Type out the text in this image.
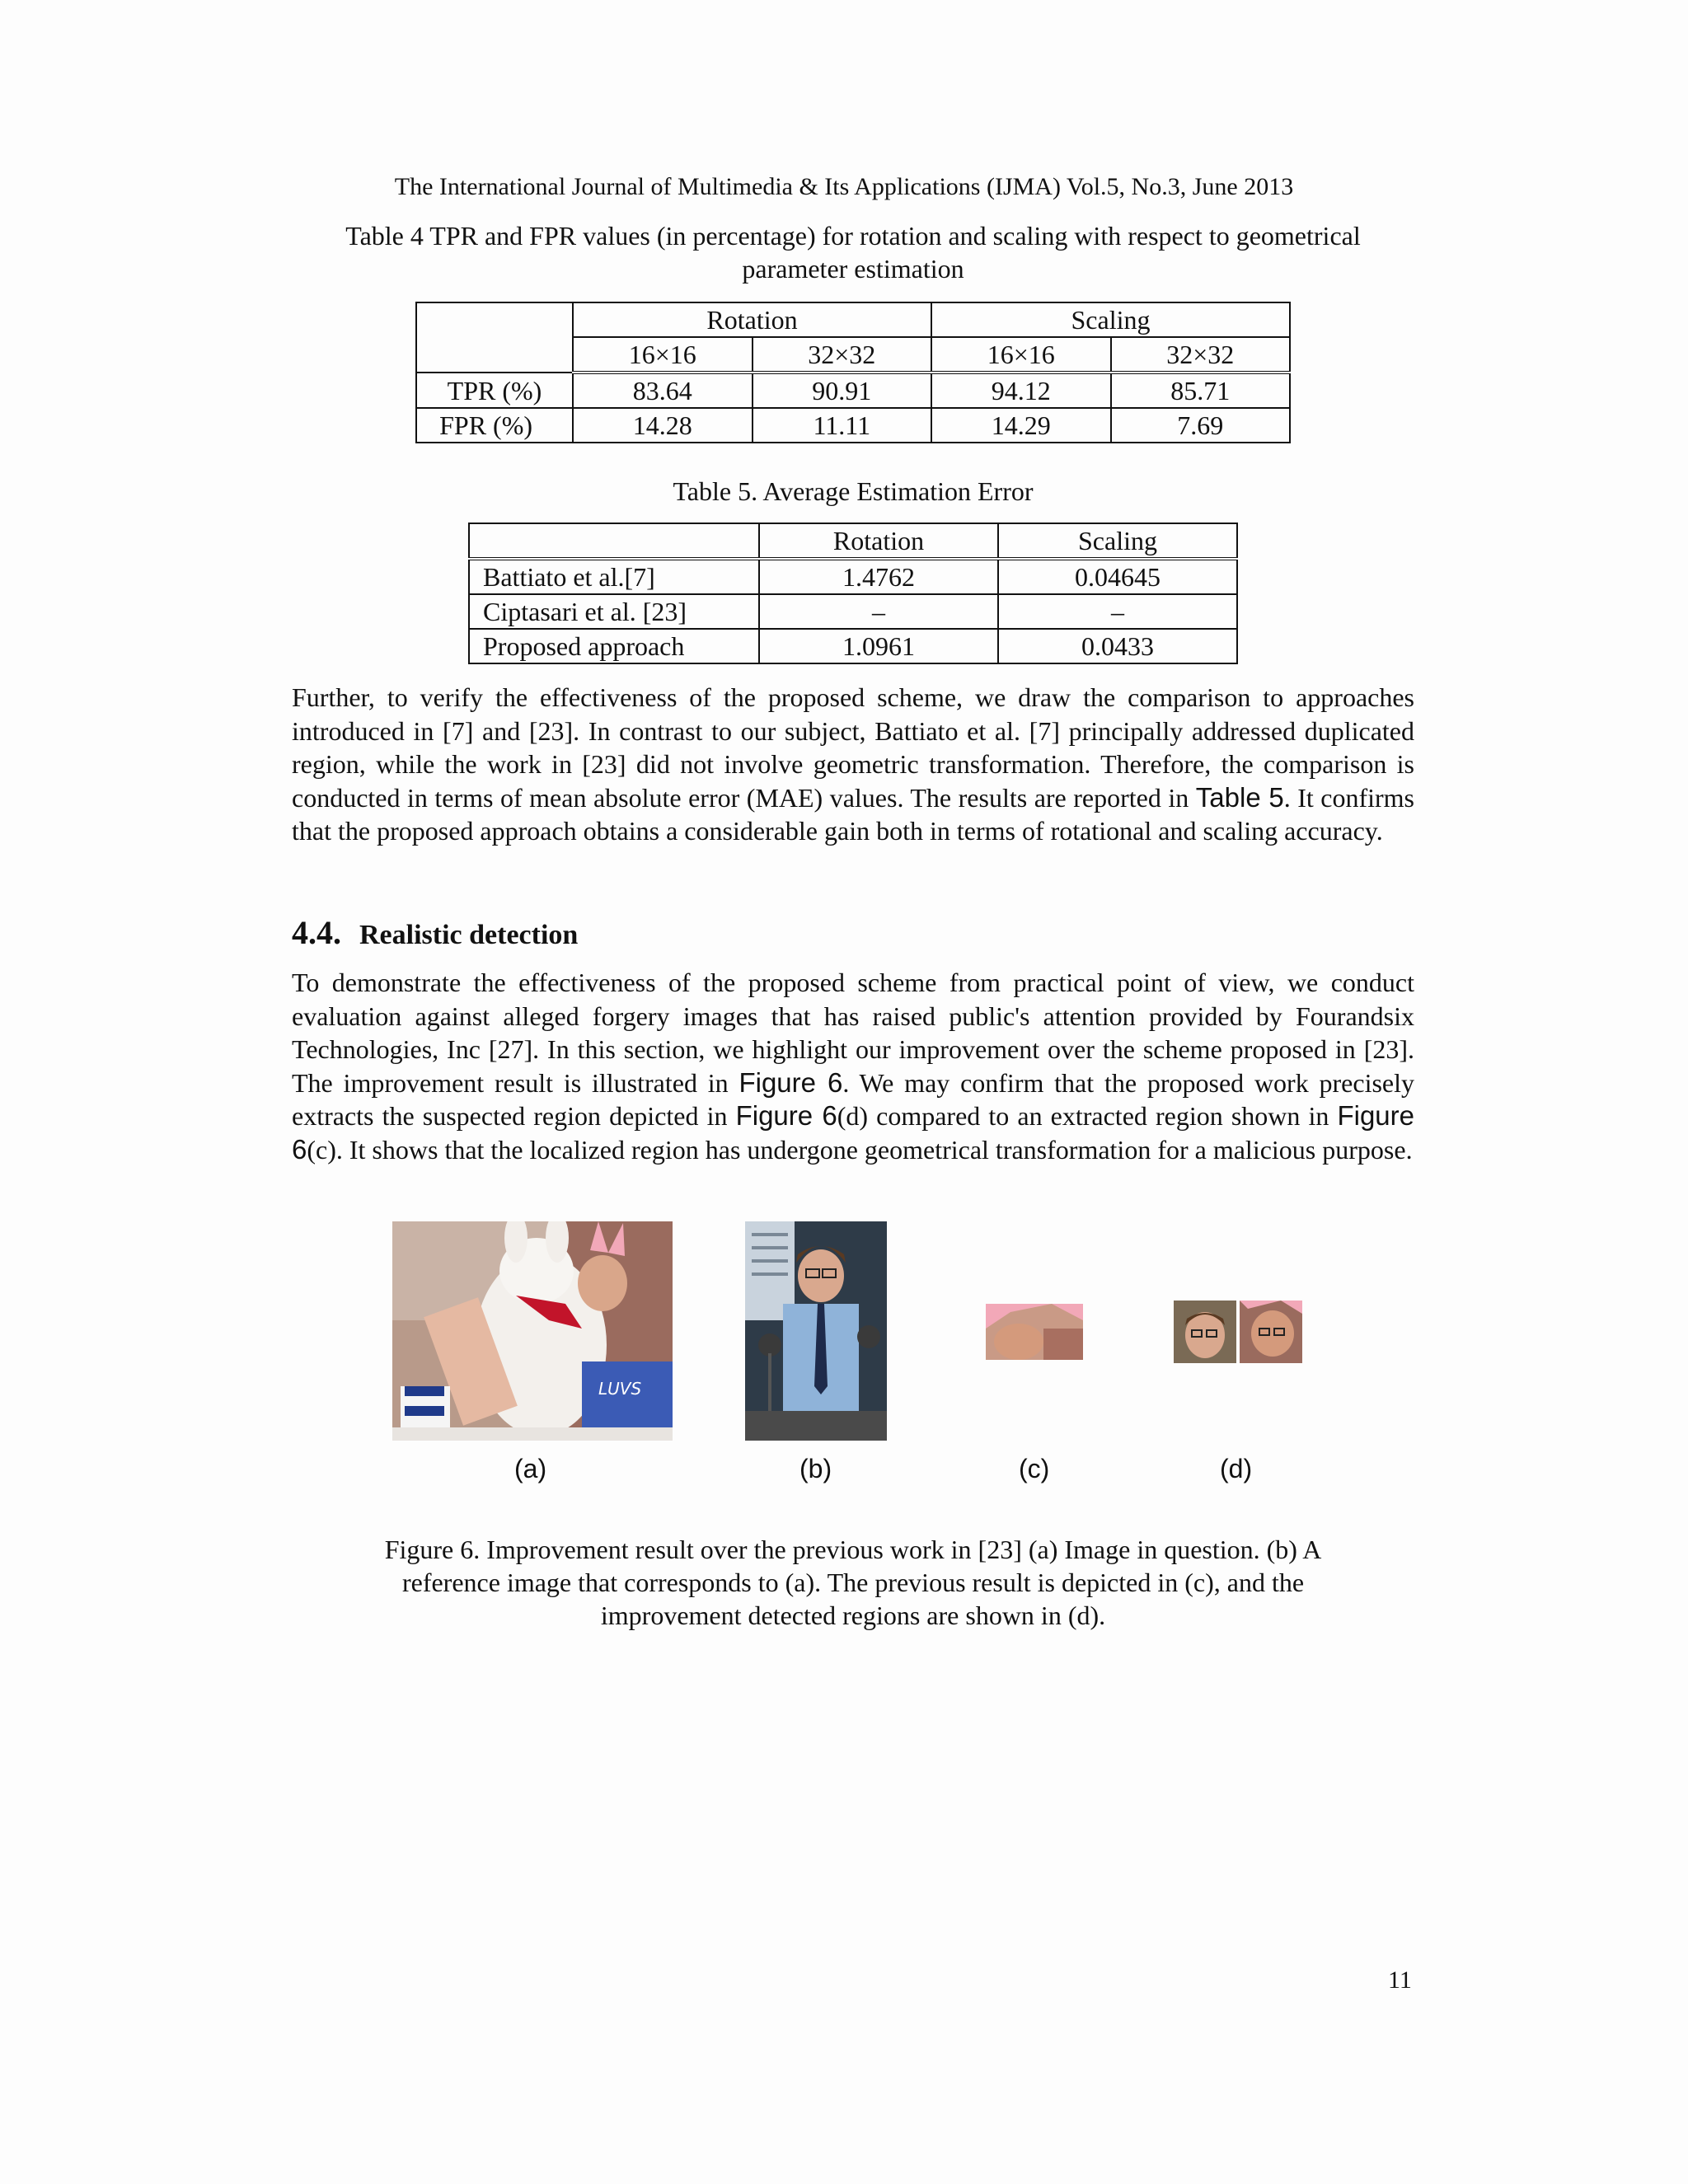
The International Journal of Multimedia & Its Applications (IJMA) Vol.5, No.3, June 2013
Table 4 TPR and FPR values (in percentage) for rotation and scaling with respect to geometrical
parameter estimation
	Rotation		Scaling	
	16×16	32×32	16×16	32×32
TPR (%)	83.64	90.91	94.12	85.71
FPR (%)	14.28	11.11	14.29	7.69
Table 5. Average Estimation Error
	Rotation	Scaling
Battiato et al.[7]	1.4762	0.04645
Ciptasari et al. [23]	–	–
Proposed approach	1.0961	0.0433
Further, to verify the effectiveness of the proposed scheme, we draw the comparison to approaches introduced in [7] and [23]. In contrast to our subject, Battiato et al. [7] principally addressed duplicated region, while the work in [23] did not involve geometric transformation. Therefore, the comparison is conducted in terms of mean absolute error (MAE) values. The results are reported in Table 5. It confirms that the proposed approach obtains a considerable gain both in terms of rotational and scaling accuracy.
4.4. Realistic detection
To demonstrate the effectiveness of the proposed scheme from practical point of view, we conduct evaluation against alleged forgery images that has raised public's attention provided by Fourandsix Technologies, Inc [27]. In this section, we highlight our improvement over the scheme proposed in [23]. The improvement result is illustrated in Figure 6. We may confirm that the proposed work precisely extracts the suspected region depicted in Figure 6(d) compared to an extracted region shown in Figure 6(c). It shows that the localized region has undergone geometrical transformation for a malicious purpose.
LUVS
(a)	(b)	(c)	(d)
Figure 6. Improvement result over the previous work in [23] (a) Image in question. (b) A
reference image that corresponds to (a). The previous result is depicted in (c), and the
improvement detected regions are shown in (d).
11
